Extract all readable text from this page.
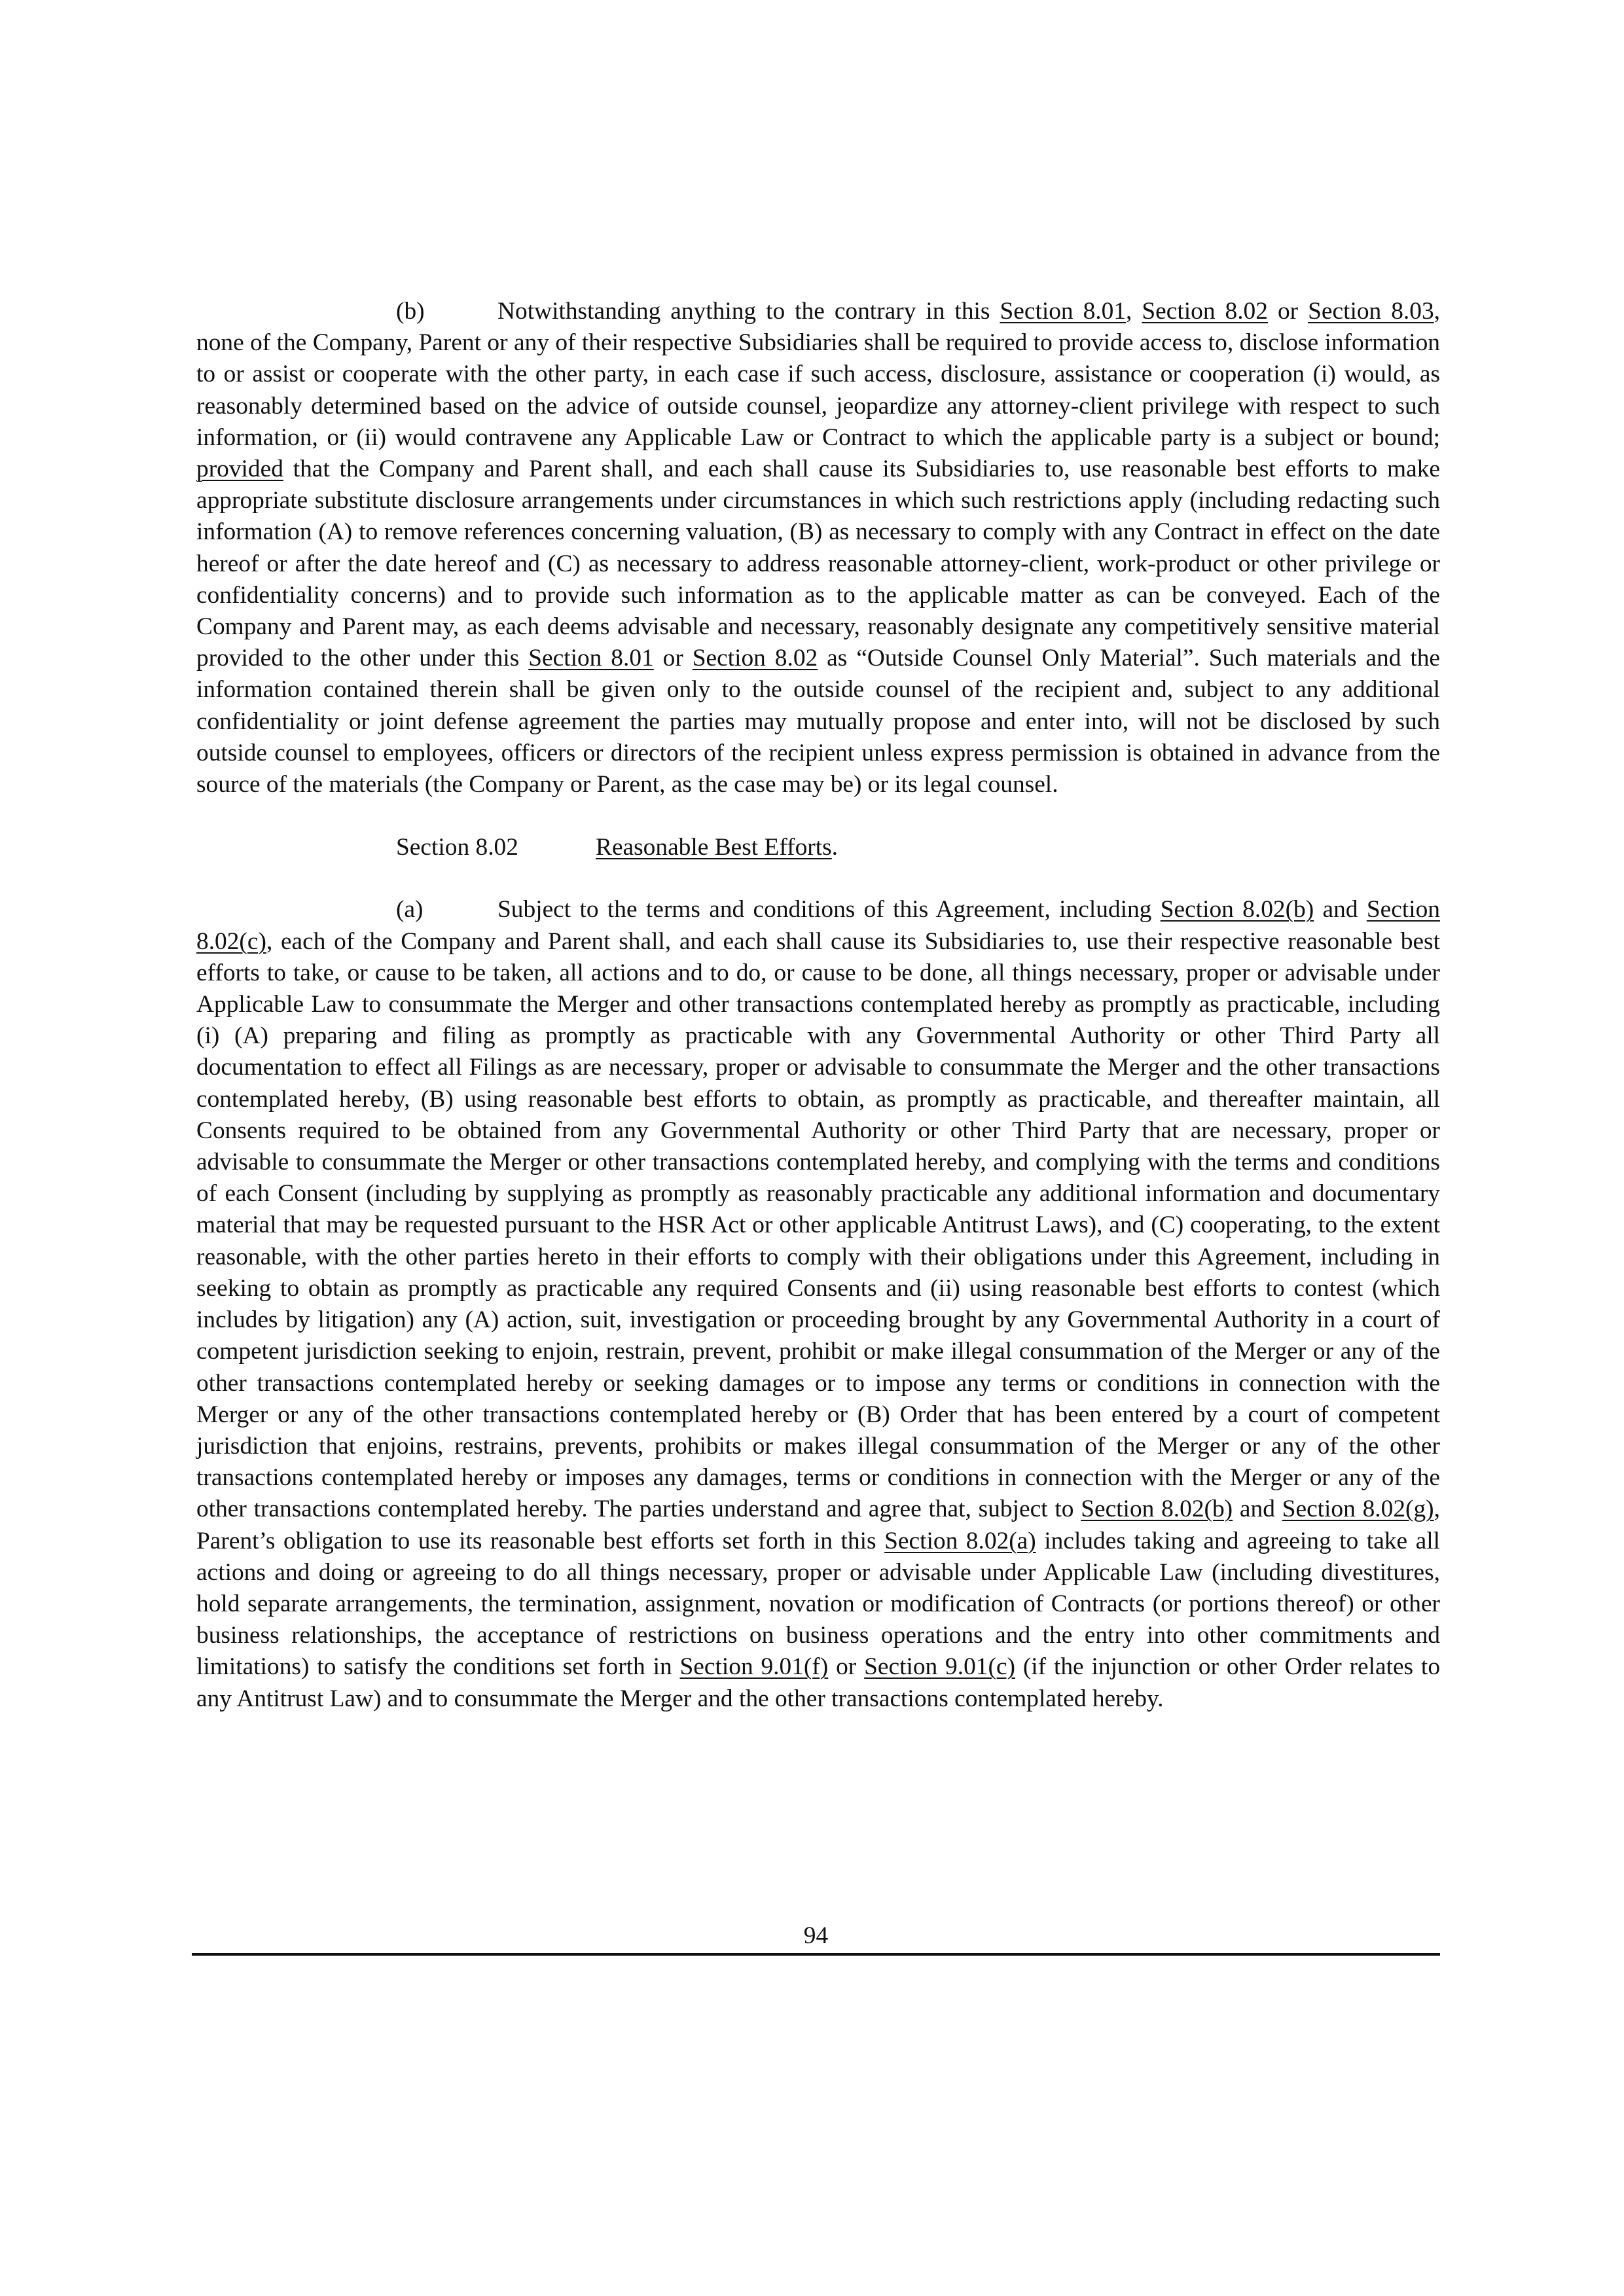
(b)	Notwithstanding anything to the contrary in this Section 8.01, Section 8.02 or Section 8.03, none of the Company, Parent or any of their respective Subsidiaries shall be required to provide access to, disclose information to or assist or cooperate with the other party, in each case if such access, disclosure, assistance or cooperation (i) would, as reasonably determined based on the advice of outside counsel, jeopardize any attorney-client privilege with respect to such information, or (ii) would contravene any Applicable Law or Contract to which the applicable party is a subject or bound; provided that the Company and Parent shall, and each shall cause its Subsidiaries to, use reasonable best efforts to make appropriate substitute disclosure arrangements under circumstances in which such restrictions apply (including redacting such information (A) to remove references concerning valuation, (B) as necessary to comply with any Contract in effect on the date hereof or after the date hereof and (C) as necessary to address reasonable attorney-client, work-product or other privilege or confidentiality concerns) and to provide such information as to the applicable matter as can be conveyed. Each of the Company and Parent may, as each deems advisable and necessary, reasonably designate any competitively sensitive material provided to the other under this Section 8.01 or Section 8.02 as “Outside Counsel Only Material”. Such materials and the information contained therein shall be given only to the outside counsel of the recipient and, subject to any additional confidentiality or joint defense agreement the parties may mutually propose and enter into, will not be disclosed by such outside counsel to employees, officers or directors of the recipient unless express permission is obtained in advance from the source of the materials (the Company or Parent, as the case may be) or its legal counsel.

Section 8.02	Reasonable Best Efforts.

(a)	Subject to the terms and conditions of this Agreement, including Section 8.02(b) and Section 8.02(c), each of the Company and Parent shall, and each shall cause its Subsidiaries to, use their respective reasonable best efforts to take, or cause to be taken, all actions and to do, or cause to be done, all things necessary, proper or advisable under Applicable Law to consummate the Merger and other transactions contemplated hereby as promptly as practicable, including (i) (A) preparing and filing as promptly as practicable with any Governmental Authority or other Third Party all documentation to effect all Filings as are necessary, proper or advisable to consummate the Merger and the other transactions contemplated hereby, (B) using reasonable best efforts to obtain, as promptly as practicable, and thereafter maintain, all Consents required to be obtained from any Governmental Authority or other Third Party that are necessary, proper or advisable to consummate the Merger or other transactions contemplated hereby, and complying with the terms and conditions of each Consent (including by supplying as promptly as reasonably practicable any additional information and documentary material that may be requested pursuant to the HSR Act or other applicable Antitrust Laws), and (C) cooperating, to the extent reasonable, with the other parties hereto in their efforts to comply with their obligations under this Agreement, including in seeking to obtain as promptly as practicable any required Consents and (ii) using reasonable best efforts to contest (which includes by litigation) any (A) action, suit, investigation or proceeding brought by any Governmental Authority in a court of competent jurisdiction seeking to enjoin, restrain, prevent, prohibit or make illegal consummation of the Merger or any of the other transactions contemplated hereby or seeking damages or to impose any terms or conditions in connection with the Merger or any of the other transactions contemplated hereby or (B) Order that has been entered by a court of competent jurisdiction that enjoins, restrains, prevents, prohibits or makes illegal consummation of the Merger or any of the other transactions contemplated hereby or imposes any damages, terms or conditions in connection with the Merger or any of the other transactions contemplated hereby. The parties understand and agree that, subject to Section 8.02(b) and Section 8.02(g), Parent’s obligation to use its reasonable best efforts set forth in this Section 8.02(a) includes taking and agreeing to take all actions and doing or agreeing to do all things necessary, proper or advisable under Applicable Law (including divestitures, hold separate arrangements, the termination, assignment, novation or modification of Contracts (or portions thereof) or other business relationships, the acceptance of restrictions on business operations and the entry into other commitments and limitations) to satisfy the conditions set forth in Section 9.01(f) or Section 9.01(c) (if the injunction or other Order relates to any Antitrust Law) and to consummate the Merger and the other transactions contemplated hereby.

94
